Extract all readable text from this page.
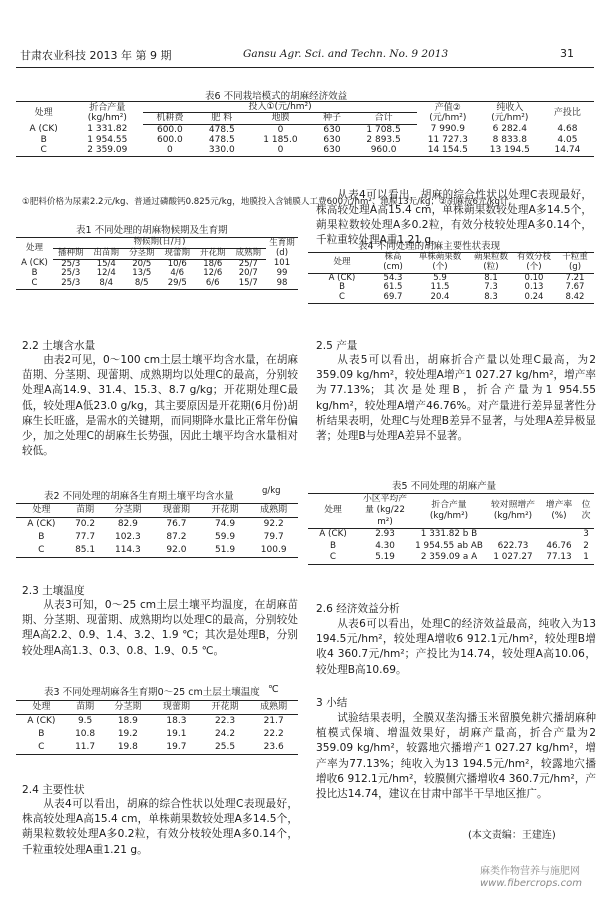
甘肃农业科技 2013 年 第 9 期	Gansu Agr. Sci. and Techn. No. 9 2013	31
表6 不同栽培模式的胡麻经济效益
处理	折合产量 (kg/hm²)	投入①(元/hm²)					产值② (元/hm²)	纯收入 (元/hm²)	产投比
		机耕费	肥 料	地膜	种子	合计			
A (CK)	1 331.82	600.0	478.5	0	630	1 708.5	7 990.9	6 282.4	4.68
B	1 954.55	600.0	478.5	1 185.0	630	2 893.5	11 727.3	8 833.8	4.05
C	2 359.09	0	330.0	0	630	960.0	14 154.5	13 194.5	14.74
①肥料价格为尿素2.2元/kg、普通过磷酸钙0.825元/kg，地膜投入含铺膜人工费600元/hm²、地膜13元/kg；②胡麻按6元/kg计。
表1 不同处理的胡麻物候期及生育期
处理	物候期(日/月)						生育期 (d)
	播种期	出苗期	分茎期	现蕾期	开花期	成熟期	
A (CK)	25/3	15/4	20/5	10/6	18/6	25/7	101
B	25/3	12/4	13/5	4/6	12/6	20/7	99
C	25/3	8/4	8/5	29/5	6/6	15/7	98
2.2 土壤含水量

由表2可见，0～100 cm土层土壤平均含水量，在胡麻苗期、分茎期、现蕾期、成熟期均以处理C的最高，分别较处理A高14.9、31.4、15.3、8.7 g/kg；开花期处理C最低，较处理A低23.0 g/kg，其主要原因是开花期(6月份)胡麻生长旺盛，是需水的关键期，而同期降水量比正常年份偏少，加之处理C的胡麻生长势强，因此土壤平均含水量相对较低。

表2 不同处理的胡麻各生育期土壤平均含水量	g/kg
处理	苗期	分茎期	现蕾期	开花期	成熟期
A (CK)	70.2	82.9	76.7	74.9	92.2
B	77.7	102.3	87.2	59.9	79.7
C	85.1	114.3	92.0	51.9	100.9
2.3 土壤温度

从表3可知，0～25 cm土层土壤平均温度，在胡麻苗期、分茎期、现蕾期、成熟期均以处理C的最高，分别较处理A高2.2、0.9、1.4、3.2、1.9 ℃；其次是处理B，分别较处理A高1.3、0.3、0.8、1.9、0.5 ℃。

表3 不同处理胡麻各生育期0～25 cm土层土壤温度 ℃
处理	苗期	分茎期	现蕾期	开花期	成熟期
A (CK)	9.5	18.9	18.3	22.3	21.7
B	10.8	19.2	19.1	24.2	22.2
C	11.7	19.8	19.7	25.5	23.6
2.4 主要性状

从表4可以看出，胡麻的综合性状以处理C表现最好，株高较处理A高15.4 cm，单株蒴果数较处理A多14.5个，蒴果粒数较处理A多0.2粒，有效分枝较处理A多0.14个，千粒重较处理A重1.21 g。

从表4可以看出，胡麻的综合性状以处理C表现最好，株高较处理A高15.4 cm，单株蒴果数较处理A多14.5个，蒴果粒数较处理A多0.2粒，有效分枝较处理A多0.14个，千粒重较处理A重1.21 g。

表4 不同处理的胡麻主要性状表现
处理	株高 (cm)	单株蒴果数 (个)	蒴果粒数 (粒)	有效分枝 (个)	千粒重 (g)
A (CK)	54.3	5.9	8.1	0.10	7.21
B	61.5	11.5	7.3	0.13	7.67
C	69.7	20.4	8.3	0.24	8.42
2.5 产量

从表5可以看出，胡麻折合产量以处理C最高，为2 359.09 kg/hm²，较处理A增产1 027.27 kg/hm²，增产率为77.13%；其次是处理B，折合产量为1 954.55 kg/hm²，较处理A增产46.76%。对产量进行差异显著性分析结果表明，处理C与处理B差异不显著，与处理A差异极显著；处理B与处理A差异不显著。

表5 不同处理的胡麻产量
处理	小区平均产量 (kg/22 m²)	折合产量 (kg/hm²)	较对照增产 (kg/hm²)	增产率 (%)	位次
A (CK)	2.93	1 331.82 b B			3
B	4.30	1 954.55 ab AB	622.73	46.76	2
C	5.19	2 359.09 a A	1 027.27	77.13	1
2.6 经济效益分析

从表6可以看出，处理C的经济效益最高，纯收入为13 194.5元/hm²，较处理A增收6 912.1元/hm²，较处理B增收4 360.7元/hm²；产投比为14.74，较处理A高10.06，较处理B高10.69。

3 小结

试验结果表明，全膜双垄沟播玉米留膜免耕穴播胡麻种植模式保墒、增温效果好，胡麻产量高，折合产量为2 359.09 kg/hm²，较露地穴播增产1 027.27 kg/hm²，增产率为77.13%；纯收入为13 194.5元/hm²，较露地穴播增收6 912.1元/hm²，较膜侧穴播增收4 360.7元/hm²，产投比达14.74，建议在甘肃中部半干旱地区推广。

(本文责编：王建连)
麻类作物营养与施肥网
www.fibercrops.com
